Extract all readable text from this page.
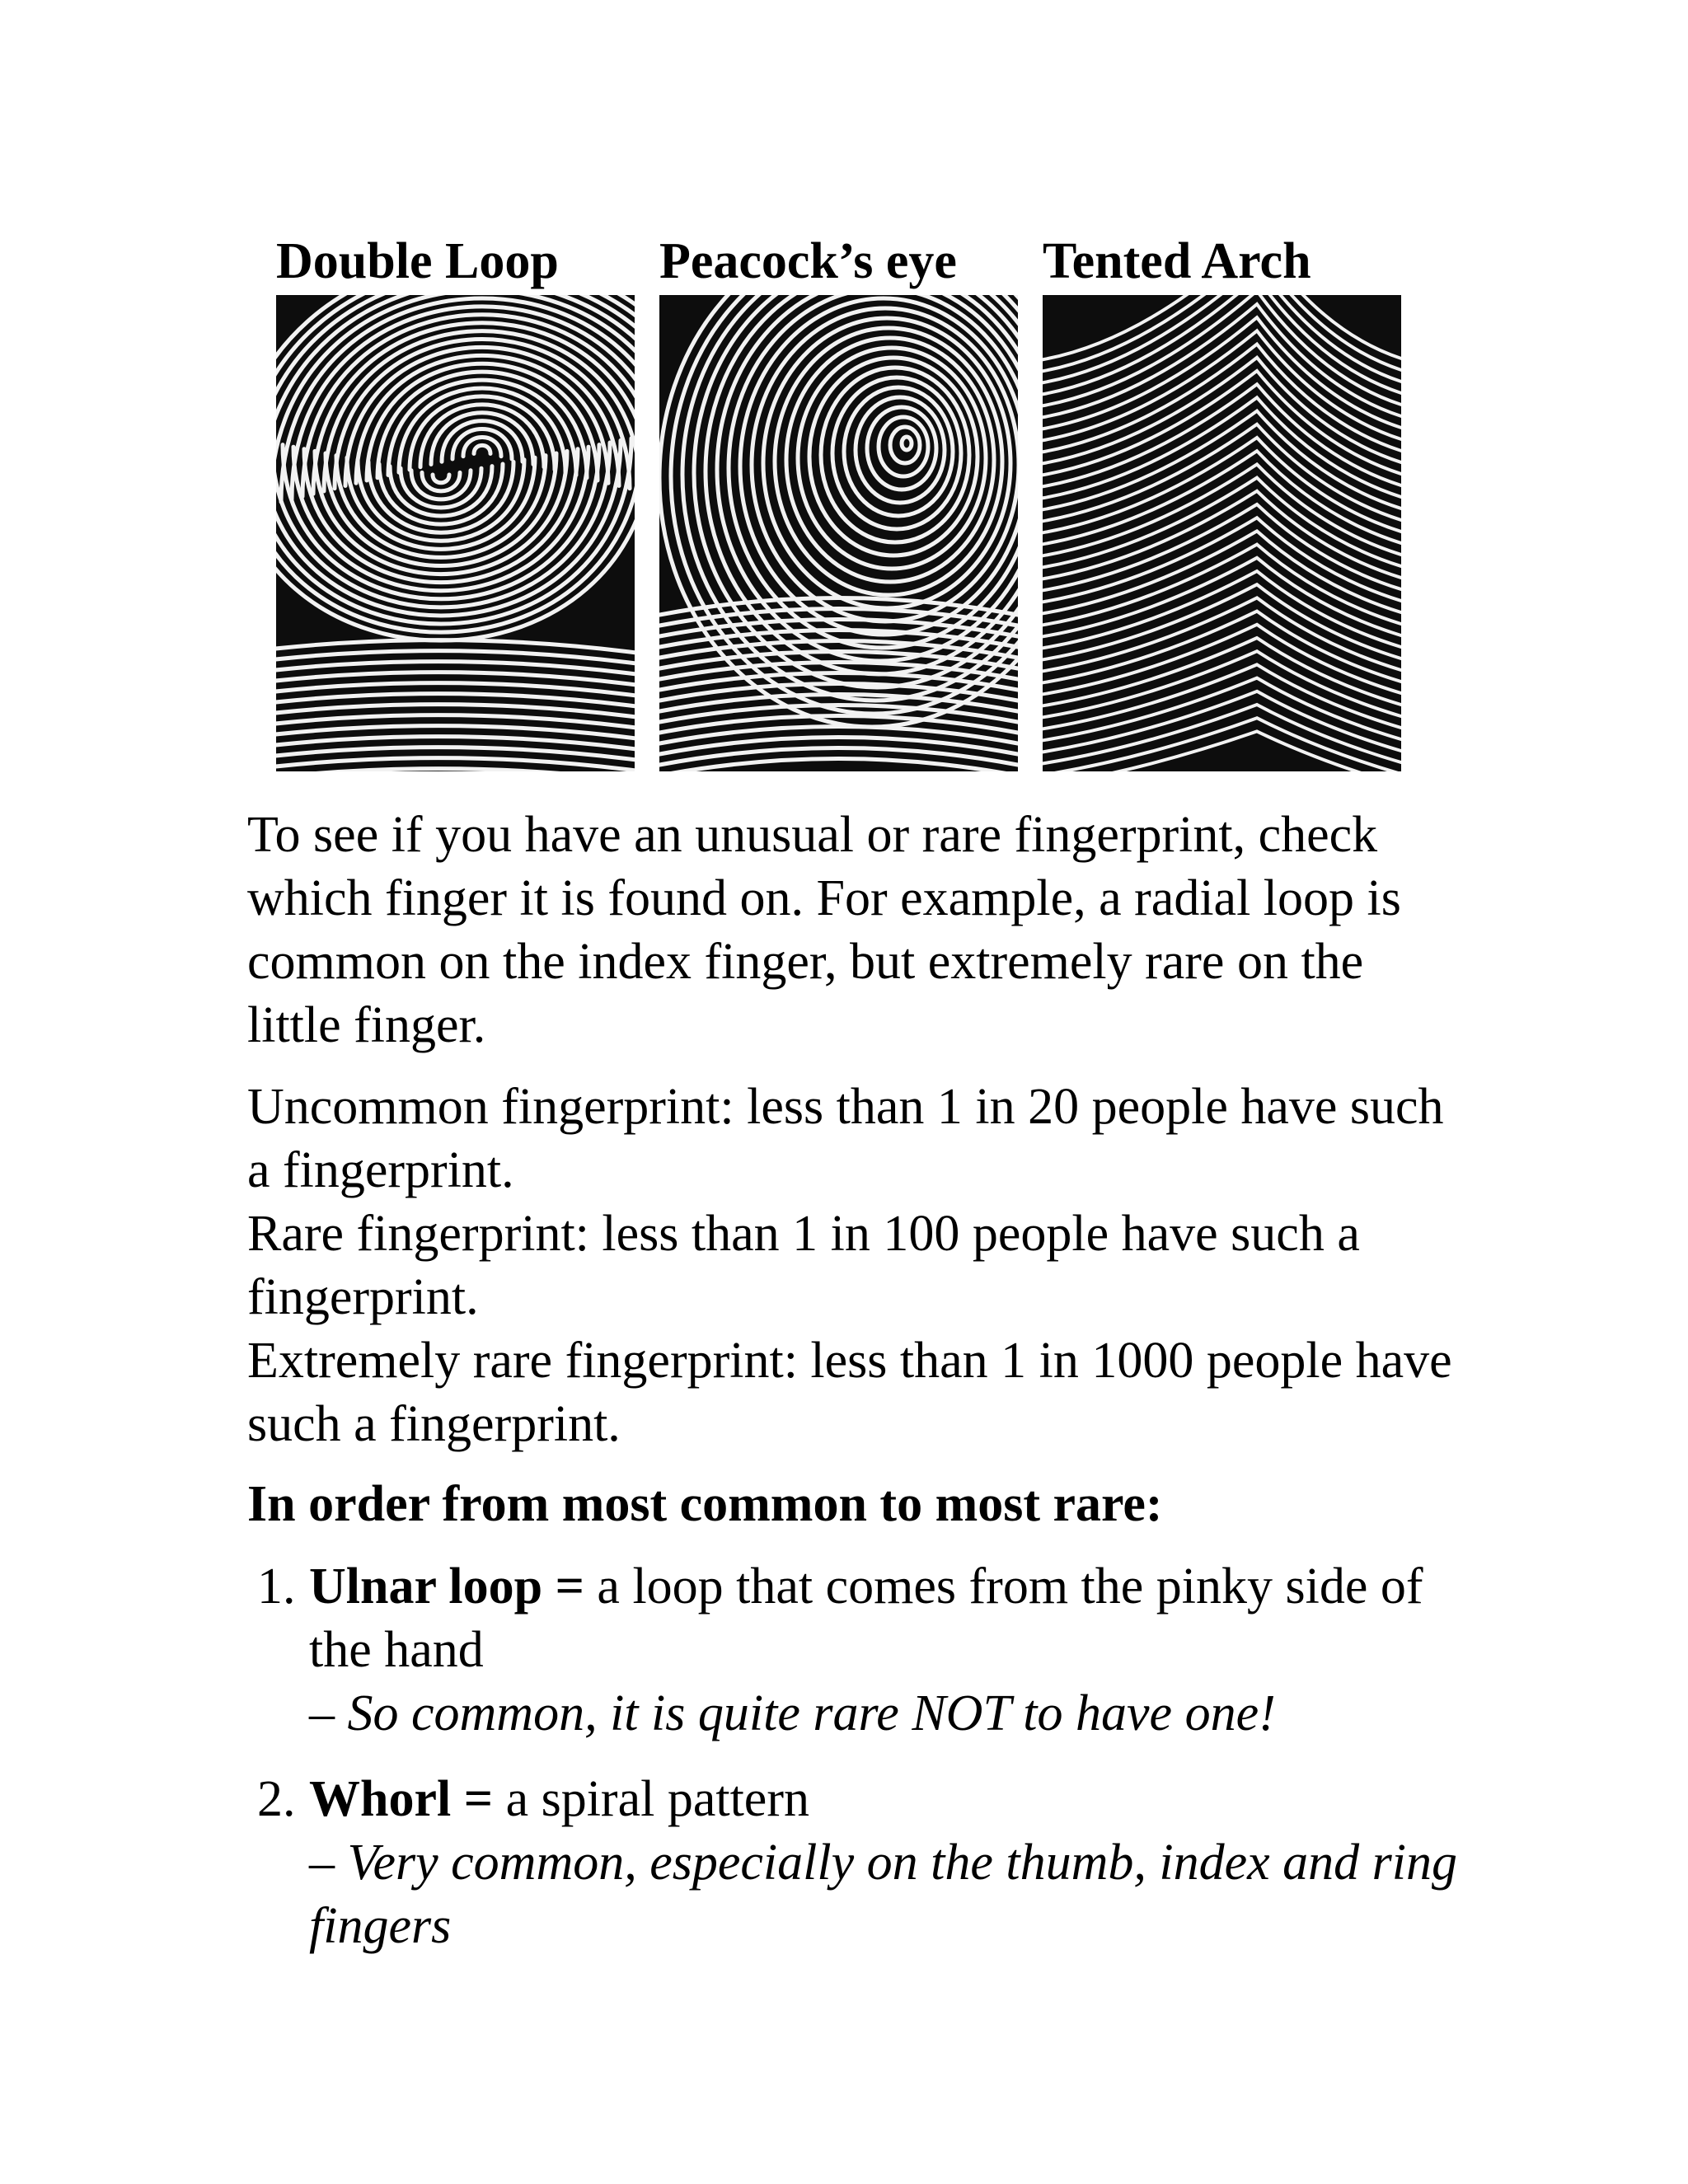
Double Loop Peacock’s eye Tented Arch

To see if you have an unusual or rare fingerprint, check which finger it is found on. For example, a radial loop is common on the index finger, but extremely rare on the little finger.

Uncommon fingerprint: less than 1 in 20 people have such a fingerprint.

Rare fingerprint: less than 1 in 100 people have such a fingerprint.

Extremely rare fingerprint: less than 1 in 1000 people have such a fingerprint.

In order from most common to most rare:
1. Ulnar loop = a loop that comes from the pinky side of the hand
– So common, it is quite rare NOT to have one!
2. Whorl = a spiral pattern
– Very common, especially on the thumb, index and ring fingers
